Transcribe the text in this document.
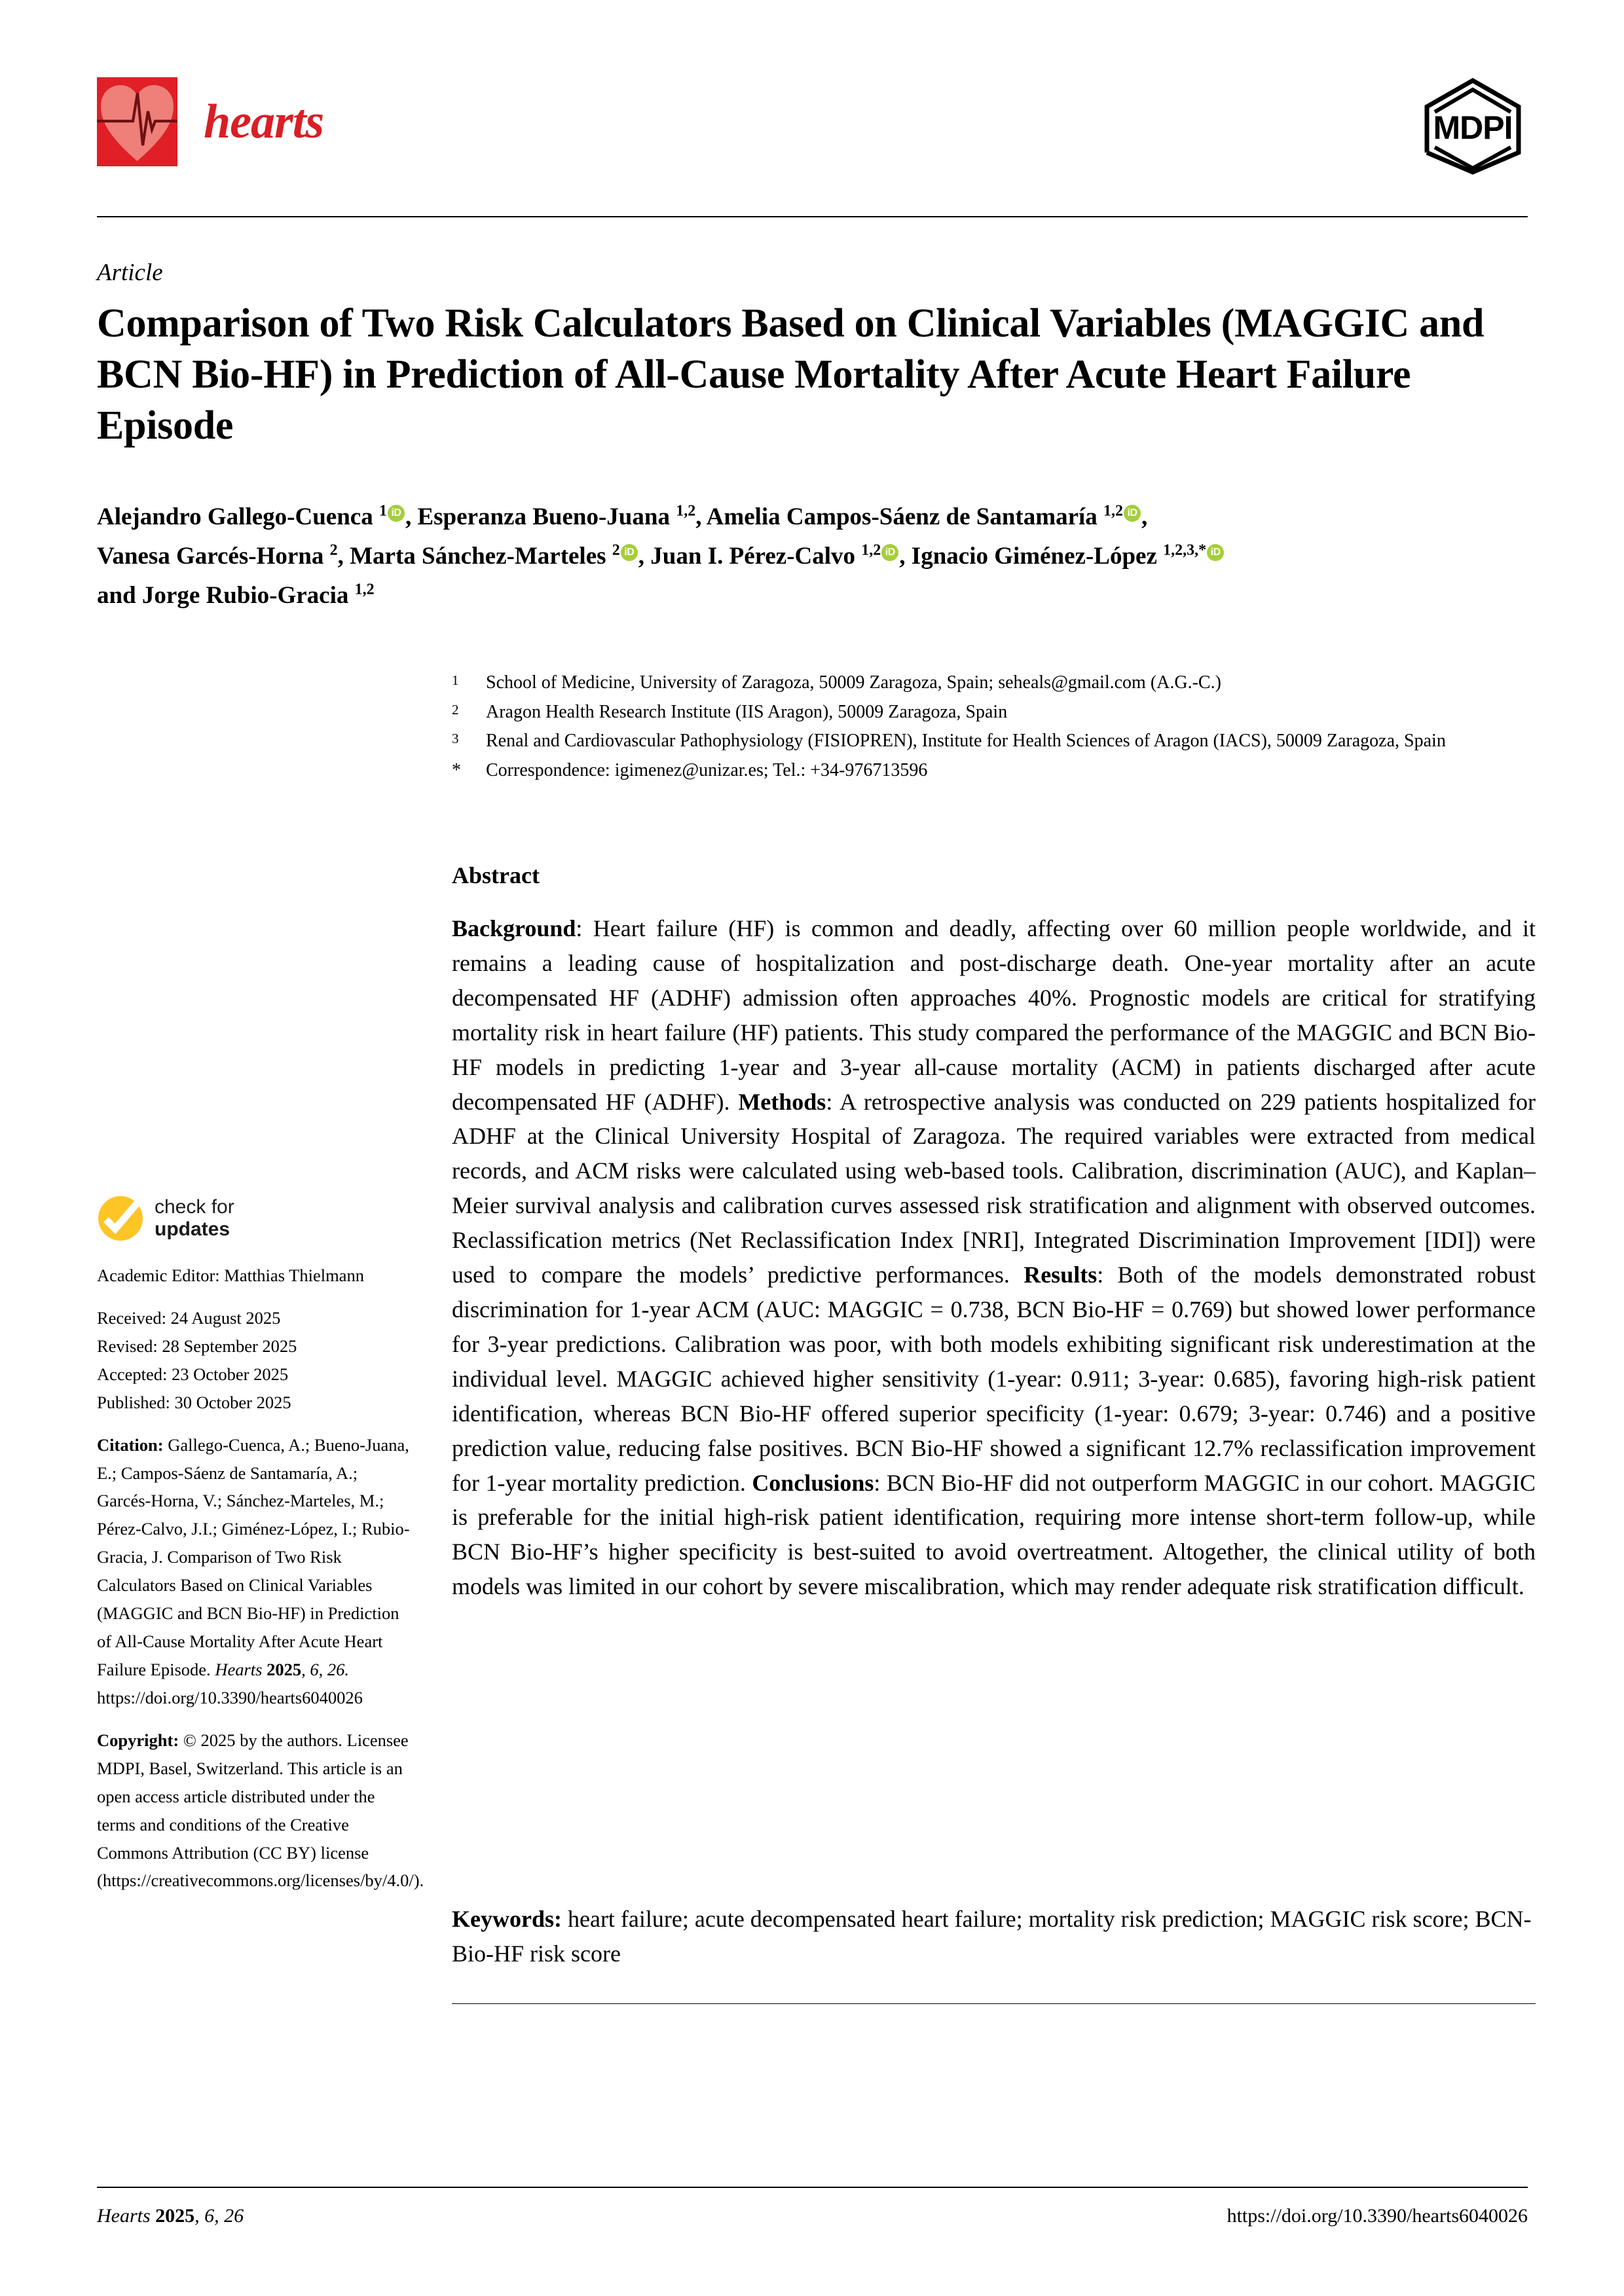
hearts	MDPI
Article
Comparison of Two Risk Calculators Based on Clinical Variables (MAGGIC and BCN Bio-HF) in Prediction of All-Cause Mortality After Acute Heart Failure Episode
Alejandro Gallego-Cuenca $^1$ iD , Esperanza Bueno-Juana $^{1,2}$, Amelia Campos-Sáenz de Santamaría $^{1,2}$ iD ,
Vanesa Garcés-Horna $^2$, Marta Sánchez-Marteles $^2$ iD , Juan I. Pérez-Calvo $^{1,2}$ iD , Ignacio Giménez-López $^{1,2,3,*}$ iD
and Jorge Rubio-Gracia $^{1,2}$
1	School of Medicine, University of Zaragoza, 50009 Zaragoza, Spain; seheals@gmail.com (A.G.-C.)
2	Aragon Health Research Institute (IIS Aragon), 50009 Zaragoza, Spain
3	Renal and Cardiovascular Pathophysiology (FISIOPREN), Institute for Health Sciences of Aragon (IACS), 50009 Zaragoza, Spain
*	Correspondence: igimenez@unizar.es; Tel.: +34-976713596
Abstract
Background: Heart failure (HF) is common and deadly, affecting over 60 million people worldwide, and it remains a leading cause of hospitalization and post-discharge death. One-year mortality after an acute decompensated HF (ADHF) admission often approaches 40%. Prognostic models are critical for stratifying mortality risk in heart failure (HF) patients. This study compared the performance of the MAGGIC and BCN Bio-HF models in predicting 1-year and 3-year all-cause mortality (ACM) in patients discharged after acute decompensated HF (ADHF). Methods: A retrospective analysis was conducted on 229 patients hospitalized for ADHF at the Clinical University Hospital of Zaragoza. The required variables were extracted from medical records, and ACM risks were calculated using web-based tools. Calibration, discrimination (AUC), and Kaplan–Meier survival analysis and calibration curves assessed risk stratification and alignment with observed outcomes. Reclassification metrics (Net Reclassification Index [NRI], Integrated Discrimination Improvement [IDI]) were used to compare the models’ predictive performances. Results: Both of the models demonstrated robust discrimination for 1-year ACM (AUC: MAGGIC = 0.738, BCN Bio-HF = 0.769) but showed lower performance for 3-year predictions. Calibration was poor, with both models exhibiting significant risk underestimation at the individual level. MAGGIC achieved higher sensitivity (1-year: 0.911; 3-year: 0.685), favoring high-risk patient identification, whereas BCN Bio-HF offered superior specificity (1-year: 0.679; 3-year: 0.746) and a positive prediction value, reducing false positives. BCN Bio-HF showed a significant 12.7% reclassification improvement for 1-year mortality prediction. Conclusions: BCN Bio-HF did not outperform MAGGIC in our cohort. MAGGIC is preferable for the initial high-risk patient identification, requiring more intense short-term follow-up, while BCN Bio-HF’s higher specificity is best-suited to avoid overtreatment. Altogether, the clinical utility of both models was limited in our cohort by severe miscalibration, which may render adequate risk stratification difficult.
Keywords: heart failure; acute decompensated heart failure; mortality risk prediction; MAGGIC risk score; BCN-Bio-HF risk score
check for
updates

Academic Editor: Matthias Thielmann

Received: 24 August 2025

Revised: 28 September 2025

Accepted: 23 October 2025

Published: 30 October 2025

Citation: Gallego-Cuenca, A.; Bueno-Juana, E.; Campos-Sáenz de Santamaría, A.; Garcés-Horna, V.; Sánchez-Marteles, M.; Pérez-Calvo, J.I.; Giménez-López, I.; Rubio-Gracia, J. Comparison of Two Risk Calculators Based on Clinical Variables (MAGGIC and BCN Bio-HF) in Prediction of All-Cause Mortality After Acute Heart Failure Episode. Hearts 2025, 6, 26. https://doi.org/10.3390/hearts6040026

Copyright: © 2025 by the authors. Licensee MDPI, Basel, Switzerland. This article is an open access article distributed under the terms and conditions of the Creative Commons Attribution (CC BY) license (https://creativecommons.org/licenses/by/4.0/).

Hearts 2025, 6, 26	https://doi.org/10.3390/hearts6040026
